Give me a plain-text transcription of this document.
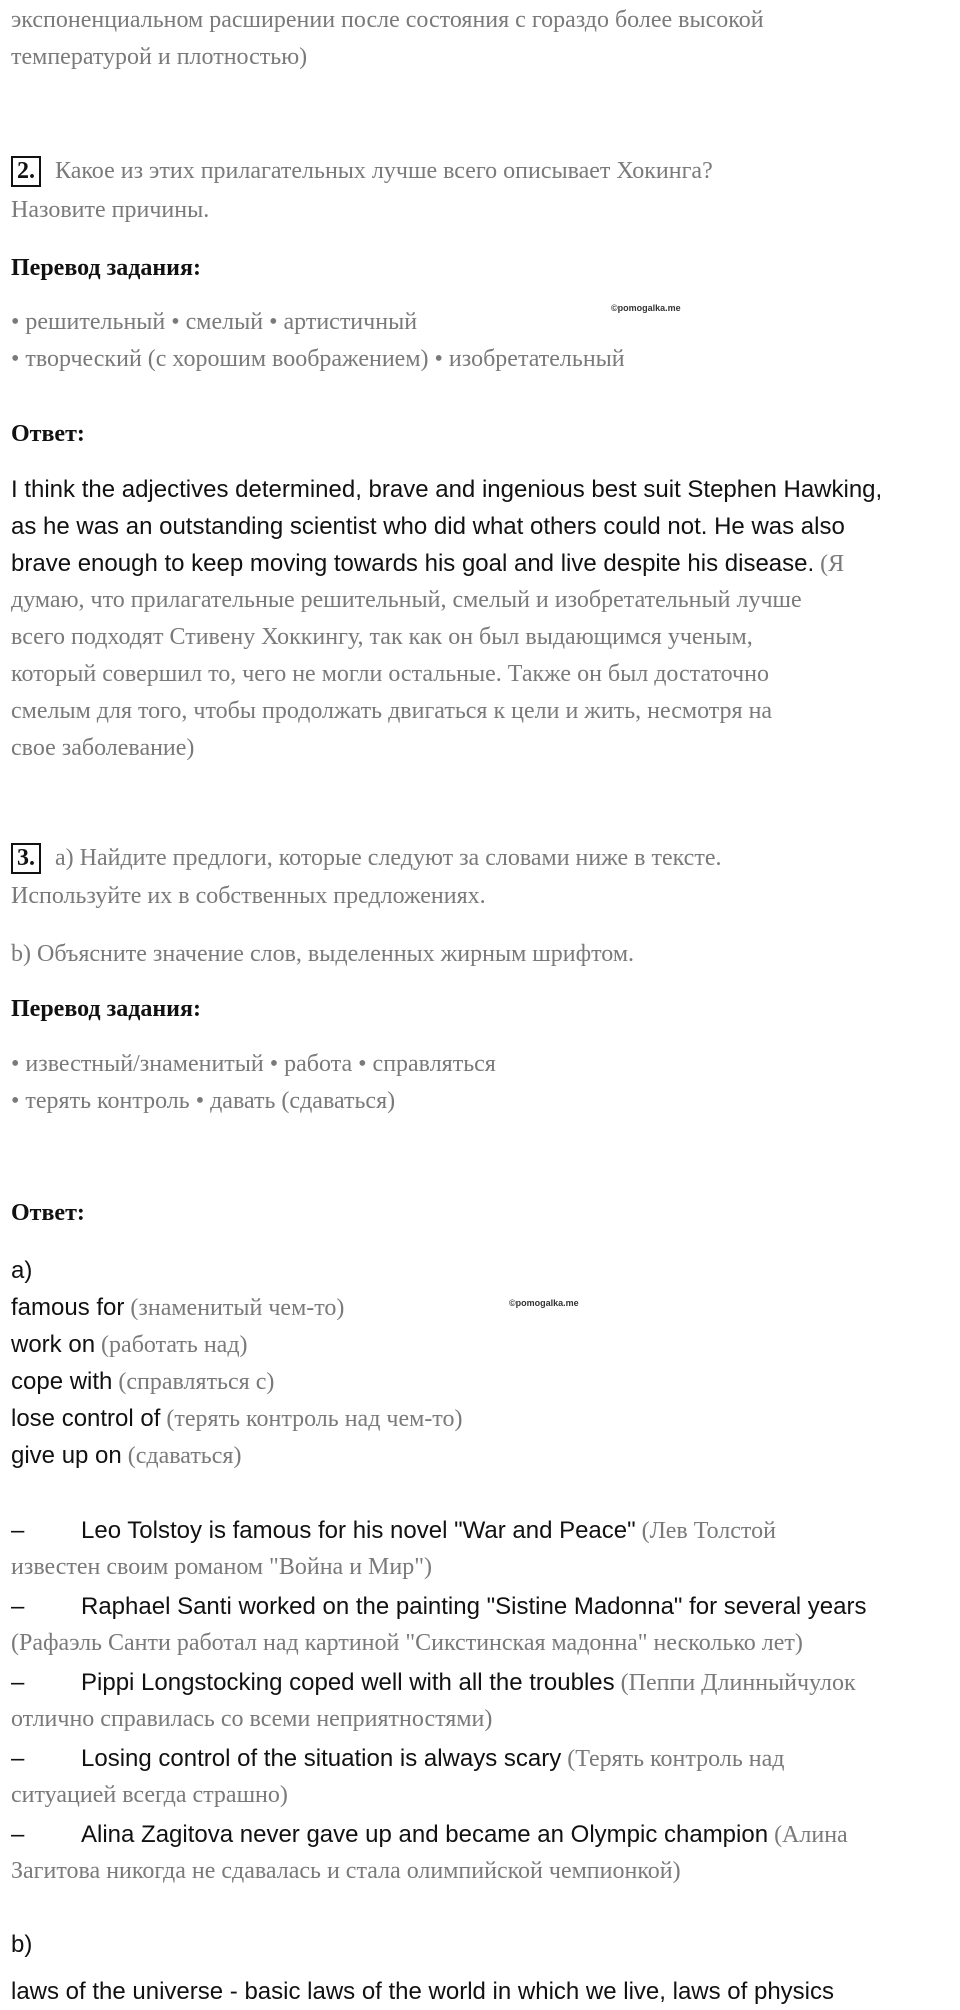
экспоненциальном расширении после состояния с гораздо более высокой
температурой и плотностью)
2. Какое из этих прилагательных лучше всего описывает Хокинга?
Назовите причины.
Перевод задания:
• решительный • смелый • артистичный
©pomogalka.me
• творческий (с хорошим воображением) • изобретательный
Ответ:
I think the adjectives determined, brave and ingenious best suit Stephen Hawking,
as he was an outstanding scientist who did what others could not. He was also
brave enough to keep moving towards his goal and live despite his disease. (Я
думаю, что прилагательные решительный, смелый и изобретательный лучше
всего подходят Стивену Хоккингу, так как он был выдающимся ученым,
который совершил то, чего не могли остальные. Также он был достаточно
смелым для того, чтобы продолжать двигаться к цели и жить, несмотря на
свое заболевание)
3. a) Найдите предлоги, которые следуют за словами ниже в тексте.
Используйте их в собственных предложениях.
b) Объясните значение слов, выделенных жирным шрифтом.
Перевод задания:
• известный/знаменитый • работа • справляться
• терять контроль • давать (сдаваться)
Ответ:
a)
famous for (знаменитый чем-то)	©pomogalka.me
work on (работать над)
cope with (справляться с)
lose control of (терять контроль над чем-то)
give up on (сдаваться)
– Leo Tolstoy is famous for his novel "War and Peace" (Лев Толстой
известен своим романом "Война и Мир")
– Raphael Santi worked on the painting "Sistine Madonna" for several years
(Рафаэль Санти работал над картиной "Сикстинская мадонна" несколько лет)
– Pippi Longstocking coped well with all the troubles (Пеппи Длинныйчулок
отлично справилась со всеми неприятностями)
– Losing control of the situation is always scary (Терять контроль над
ситуацией всегда страшно)
– Alina Zagitova never gave up and became an Olympic champion (Алина
Загитова никогда не сдавалась и стала олимпийской чемпионкой)
b)
laws of the universe - basic laws of the world in which we live, laws of physics
